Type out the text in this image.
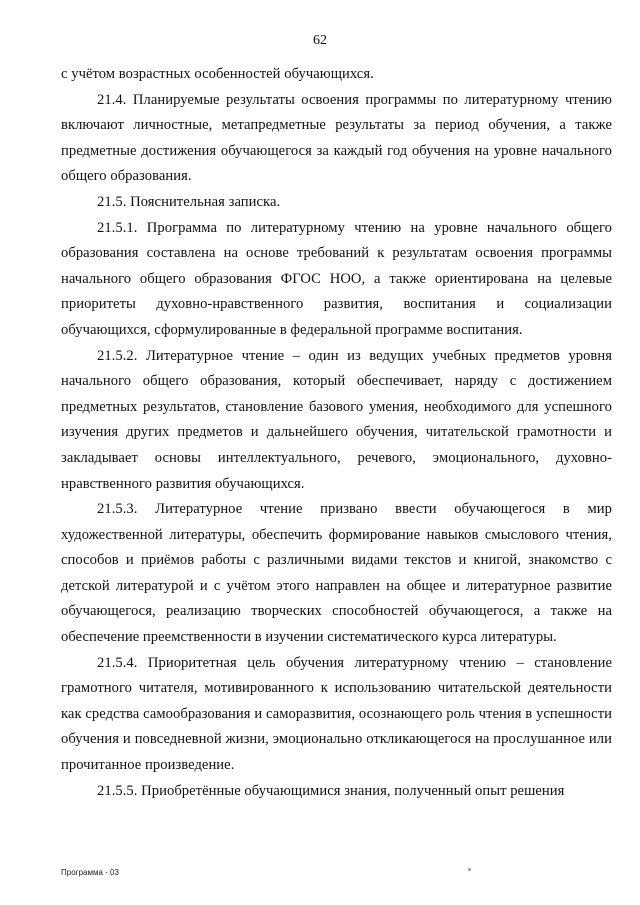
62

с учётом возрастных особенностей обучающихся.

21.4. Планируемые результаты освоения программы по литературному чтению включают личностные, метапредметные результаты за период обучения, а также предметные достижения обучающегося за каждый год обучения на уровне начального общего образования.

21.5. Пояснительная записка.

21.5.1. Программа по литературному чтению на уровне начального общего образования составлена на основе требований к результатам освоения программы начального общего образования ФГОС НОО, а также ориентирована на целевые приоритеты духовно-нравственного развития, воспитания и социализации обучающихся, сформулированные в федеральной программе воспитания.

21.5.2. Литературное чтение – один из ведущих учебных предметов уровня начального общего образования, который обеспечивает, наряду с достижением предметных результатов, становление базового умения, необходимого для успешного изучения других предметов и дальнейшего обучения, читательской грамотности и закладывает основы интеллектуального, речевого, эмоционального, духовно-нравственного развития обучающихся.

21.5.3. Литературное чтение призвано ввести обучающегося в мир художественной литературы, обеспечить формирование навыков смыслового чтения, способов и приёмов работы с различными видами текстов и книгой, знакомство с детской литературой и с учётом этого направлен на общее и литературное развитие обучающегося, реализацию творческих способностей обучающегося, а также на обеспечение преемственности в изучении систематического курса литературы.

21.5.4. Приоритетная цель обучения литературному чтению – становление грамотного читателя, мотивированного к использованию читательской деятельности как средства самообразования и саморазвития, осознающего роль чтения в успешности обучения и повседневной жизни, эмоционально откликающегося на прослушанное или прочитанное произведение.

21.5.5. Приобретённые обучающимися знания, полученный опыт решения

Программа - 03
